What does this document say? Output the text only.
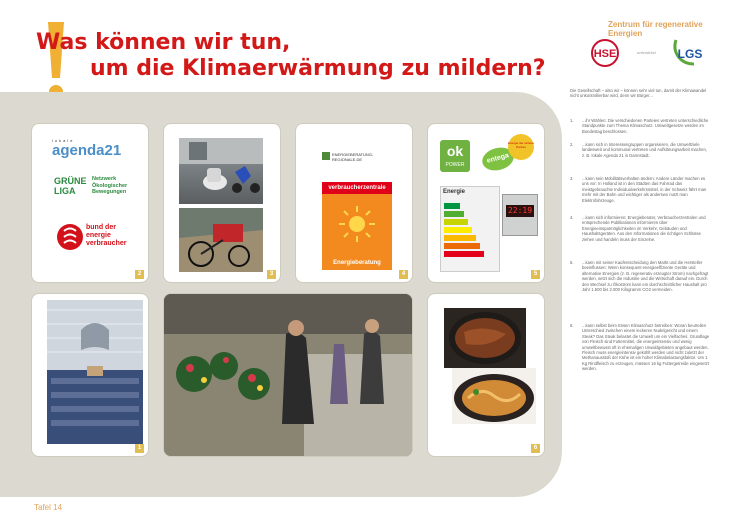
Was können wir tun,
um die Klimaerwärmung zu mildern?
Zentrum für regenerative Energien
HSE	unterstützt LGS
Die Gesellschaft – also wir – können sehr viel tun, damit der Klimawandel nicht unkontrollierbar wird, denn wir Bürger...
1. ...ihr Wählen: Die verschiedenen Parteien vertreten unterschiedliche Standpunkte zum Thema Klimaschutz. Umweltgesetze werden im Bundestag beschlossen.
2. ...kann sich in Interessengruppen organisieren, die Umweltziele landesweit und kommunal vertreten und Aufklärungsarbeit machen, z. B. lokale Agenda 21 in Darmstadt.
3. ...kann sein Mobilitätsverhalten ändern: Andere Länder machen es uns vor: In Holland ist in den Städten das Fahrrad das meistgebrauchte Individualverkehrsmittel, in der Schweiz fährt man mehr mit der Bahn und wichtiger als anderswo nutzt man Elektrofahrzeuge.
4. ...kann sich informieren: Energieberater, Verbraucherzentralen und entsprechende Publikationen informieren über Energieeinsparmöglichkeiten im Verkehr, Gebäuden und Haushaltsgeräten. Aus den Informationen die richtigen Schlüsse ziehen und handeln muss der Einzelne.
5. ...kann mit seiner Kaufentscheidung den Markt und die Hersteller beeinflussen: Wenn konsequent energieeffiziente Geräte und alternative Energien (z. B. regenerativ erzeugter Strom) nachgefragt werden, setzt sich die Industrie und die Wirtschaft darauf ein. Durch den Wechsel zu Ökostrom kann ein durchschnittlicher Haushalt pro Jahr 1.500 bis 2.000 Kilogramm CO2 vermeiden.
6. ...kann selbst beim Essen Klimaschutz betreiben: Woran beurteilen Unterschied zwischen einem leckeren Nudelgericht und einem Steak? Das Steak belastet die Umwelt um ein Vielfaches. Grundlage von Fleisch sind Futtermittel, die energieintensiv und wenig umweltbewusst oft in ehemaligen Urwaldgebieten angebaut werden. Fleisch muss energieintensiv gekühlt werden und nicht zuletzt der Methanausstoß der Kühe ist ein hoher Klimabelastungsfaktor. Um 1 Kg Rindfleisch zu erzeugen, müssen 16 kg Futtergetreide eingesetzt werden.
lokale
agenda21
GRÜNE LIGA
Netzwerk Ökologischer Bewegungen
bund der
energie
verbraucher
2	3
ENERGIEBERATUNG-REGIONALE.DE
verbraucherzentrale
Energieberatung
4
ok
POWER
entega
Energie der sichere Partner
Energie
22:19
5
1	6
Tafel 14
